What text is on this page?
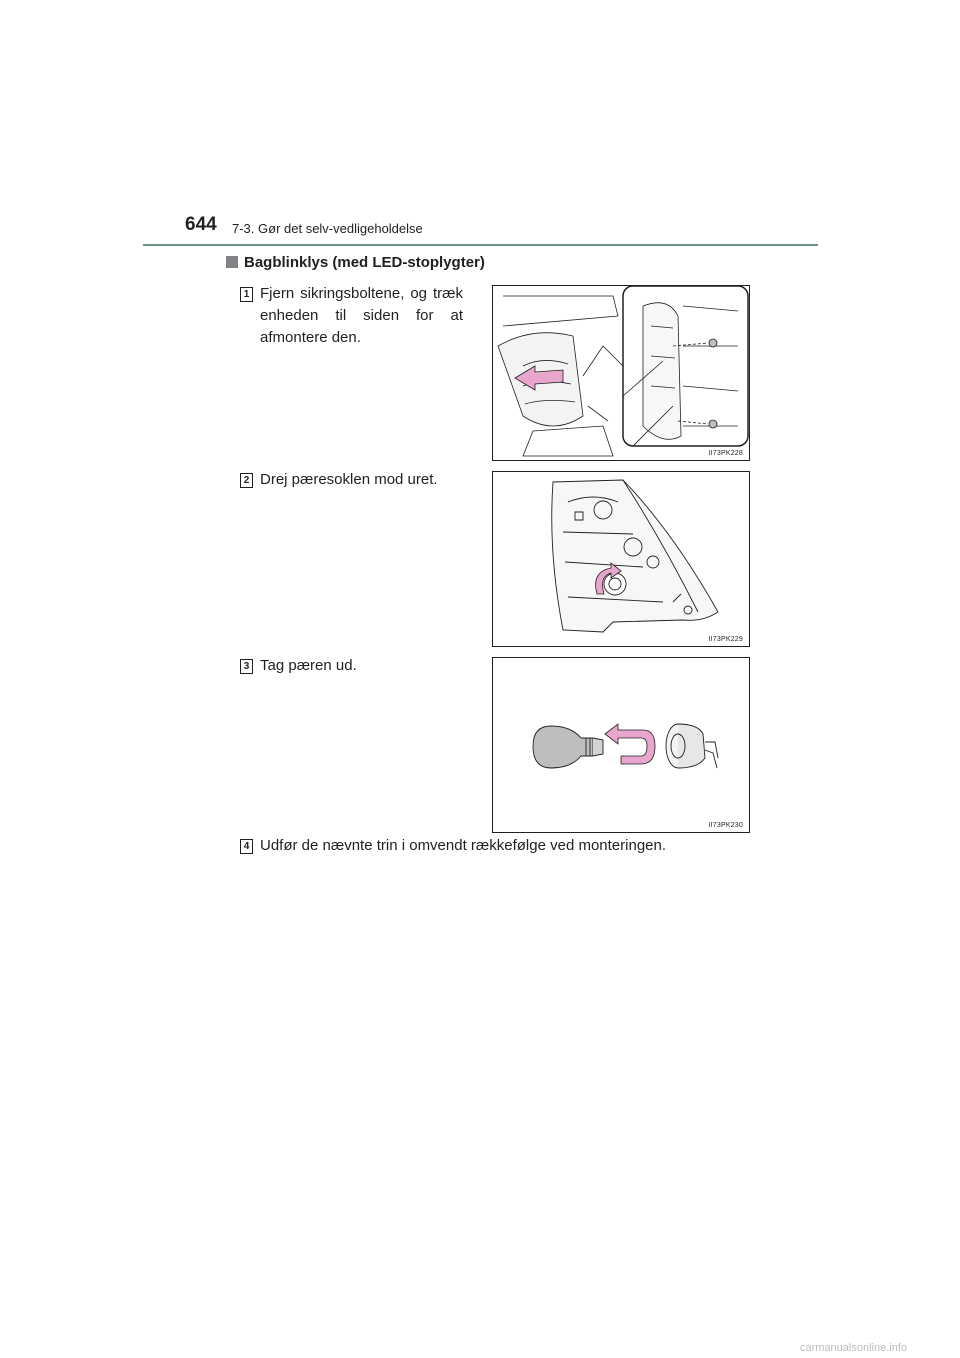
644 7-3. Gør det selv-vedligeholdelse
Bagblinklys (med LED-stoplygter)
1 Fjern sikringsboltene, og træk enheden til siden for at afmontere den.
II73PK228
2 Drej pæresoklen mod uret.
II73PK229
3 Tag pæren ud.
II73PK230
4 Udfør de nævnte trin i omvendt rækkefølge ved monteringen.
carmanualsonline.info
